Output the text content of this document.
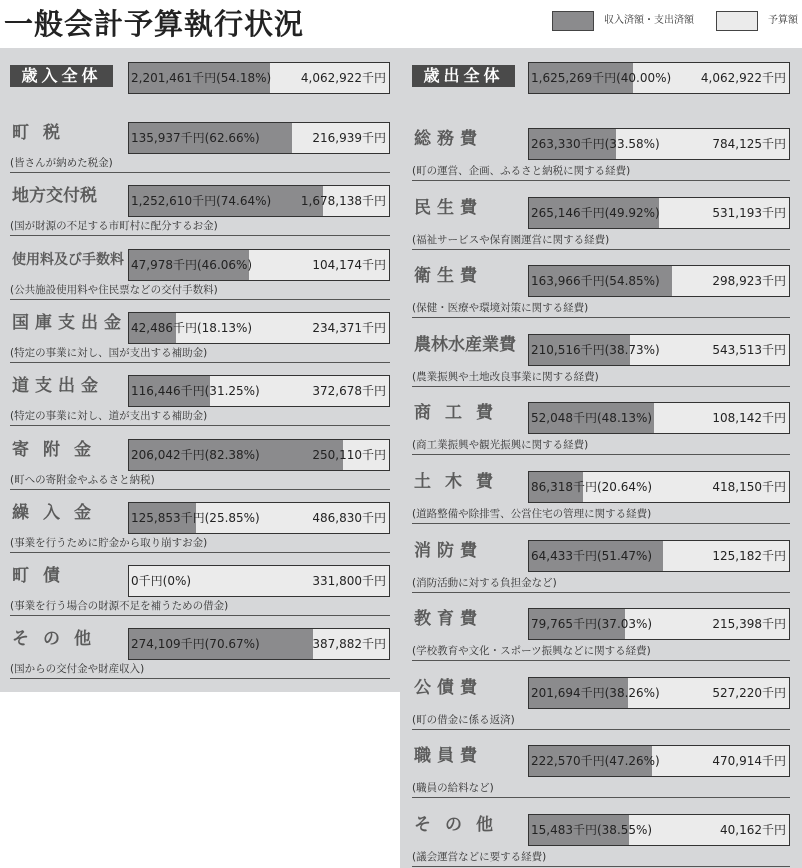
一般会計予算執行状況	収入済額・支出済額	予算額
歳入全体	2,201,461千円(54.18%) 4,062,922千円
町税	135,937千円(62.66%)	216,939千円
(皆さんが納めた税金)
地方交付税	1,252,610千円(74.64%) 1,678,138千円
(国が財源の不足する市町村に配分するお金)
使用料及び手数料 47,978千円(46.06%)	104,174千円
(公共施設使用料や住民票などの交付手数料)
国庫支出金 42,486千円(18.13%)	234,371千円
(特定の事業に対し、国が支出する補助金)
道支出金 116,446千円(31.25%)	372,678千円
(特定の事業に対し、道が支出する補助金)
寄附金 206,042千円(82.38%)	250,110千円
(町への寄附金やふるさと納税)
繰入金 125,853千円(25.85%)	486,830千円
(事業を行うために貯金から取り崩すお金)
町債	0千円(0%)	331,800千円
(事業を行う場合の財源不足を補うための借金)
その他 274,109千円(70.67%)	387,882千円
(国からの交付金や財産収入)
歳出全体	1,625,269千円(40.00%) 4,062,922千円
総務費	263,330千円(33.58%)	784,125千円
(町の運営、企画、ふるさと納税に関する経費)
民生費	265,146千円(49.92%)	531,193千円
(福祉サービスや保育園運営に関する経費)
衛生費	163,966千円(54.85%)	298,923千円
(保健・医療や環境対策に関する経費)
農林水産業費 210,516千円(38.73%)	543,513千円
(農業振興や土地改良事業に関する経費)
商工費 52,048千円(48.13%)	108,142千円
(商工業振興や観光振興に関する経費)
土木費 86,318千円(20.64%)	418,150千円
(道路整備や除排雪、公営住宅の管理に関する経費)
消防費	64,433千円(51.47%)	125,182千円
(消防活動に対する負担金など)
教育費	79,765千円(37.03%)	215,398千円
(学校教育や文化・スポーツ振興などに関する経費)
公債費	201,694千円(38.26%)	527,220千円
(町の借金に係る返済)
職員費	222,570千円(47.26%)	470,914千円
(職員の給料など)
その他 15,483千円(38.55%)	40,162千円
(議会運営などに要する経費)
